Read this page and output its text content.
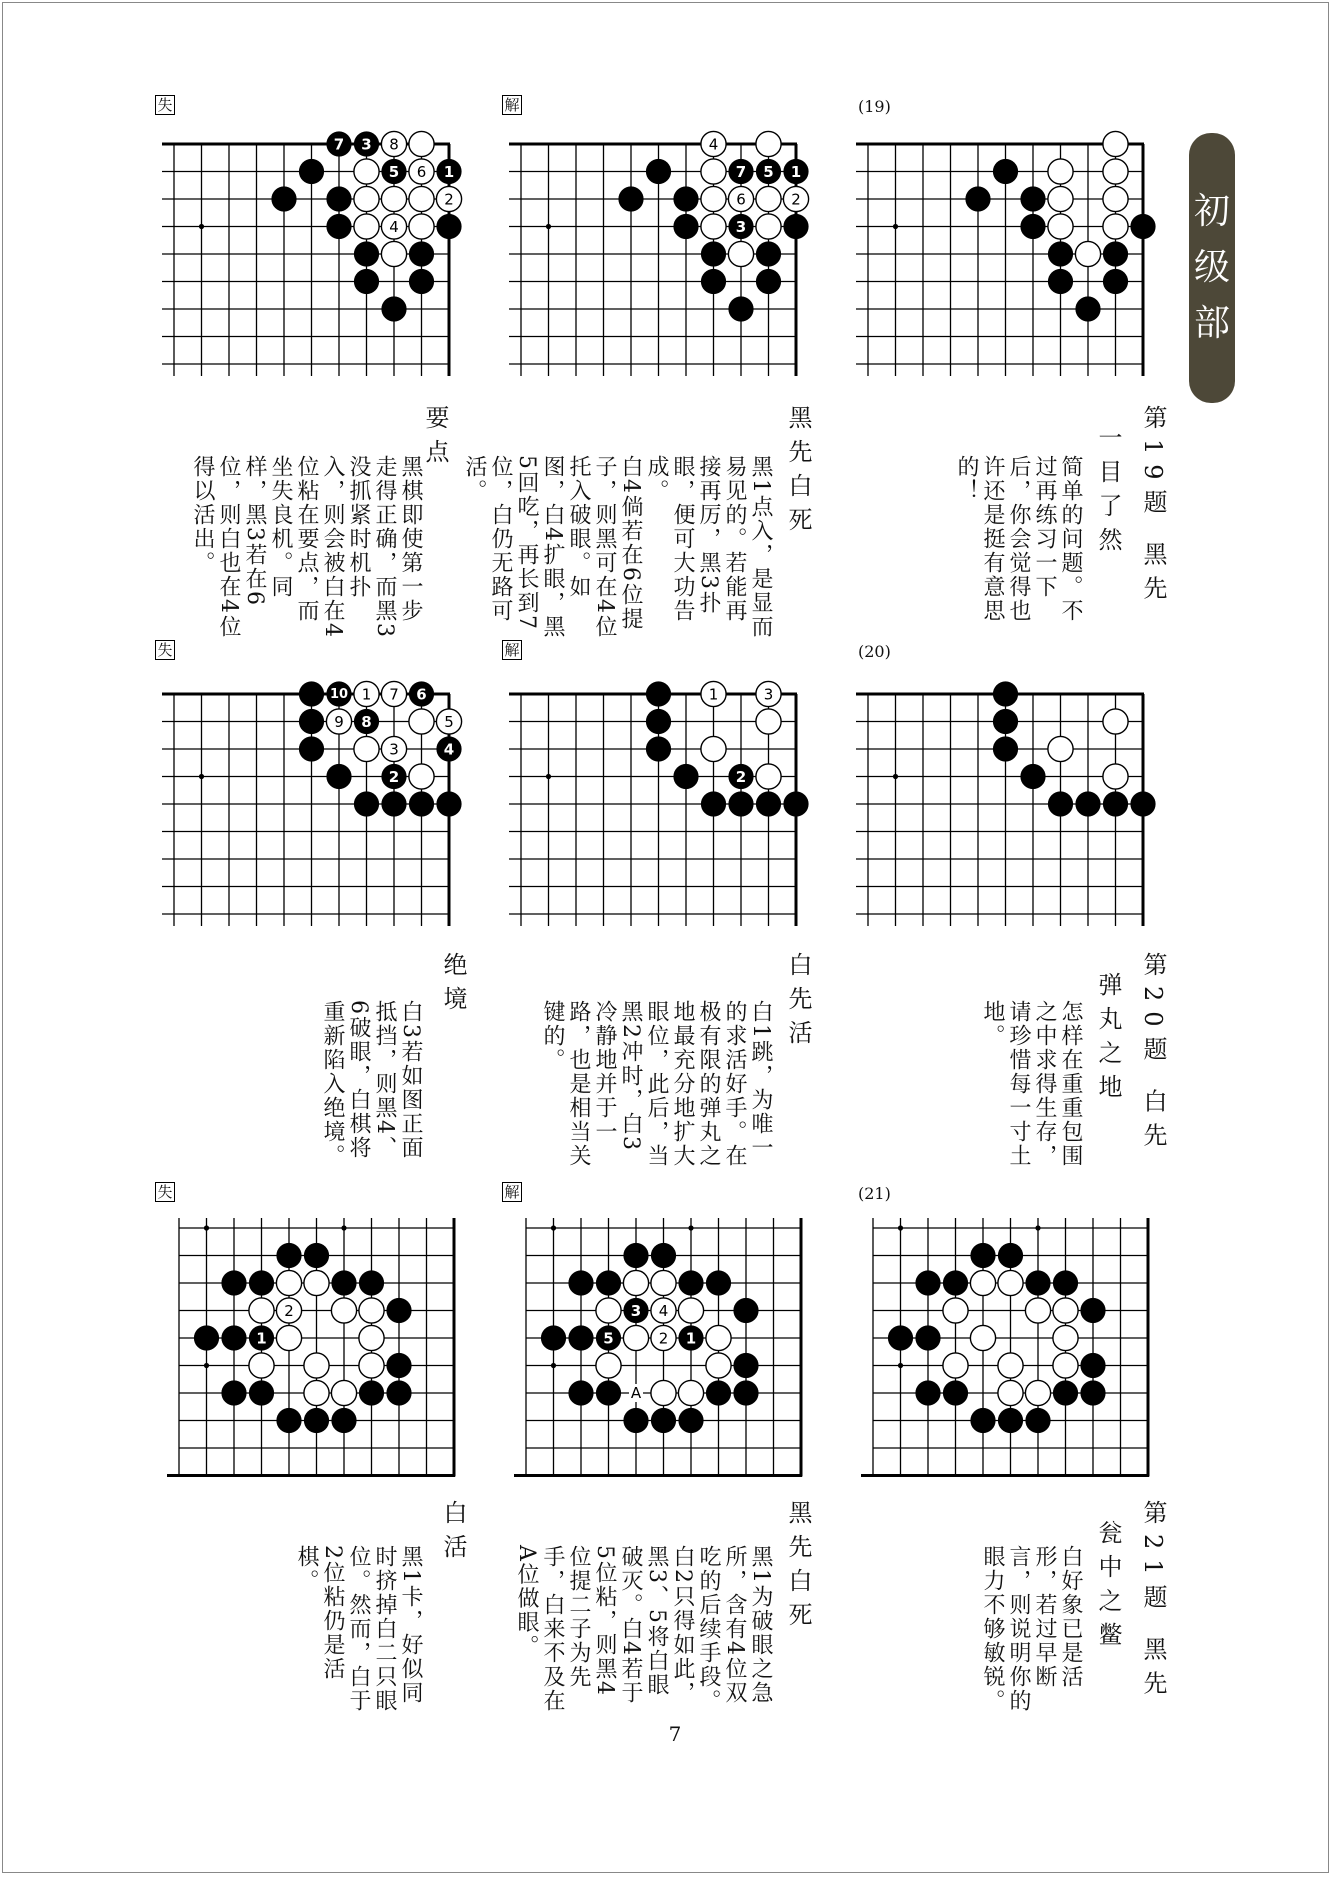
初
级
部
失	解	(19)
7 3 8
5 6 1
2
4
4
7 5 1
6	2
3
要点
黑棋即使第一步走得正确，而黑3没抓紧时机扑入，则会被白在4位粘在要点，而坐失良机。同样，黑3若在6位，则白也在4位得以活出。	黑先白死
黑1点入，是显而易见的。若能再接再厉，黑3扑眼，便可大功告成。
白4倘若在6位提子，则黑可在4位托入破眼。如图，白4扩眼，黑5回吃，再长到7位，白仍无路可活。	第19题 黑先
一目了然
简单的问题。不过再练习一下后，你会觉得也许还是挺有意思的！
失	解	(20)
10 1 7 6
9 8	5
3	4
2
1	3
2
绝境
白3若如图正面抵挡，则黑4、6破眼，白棋将重新陷入绝境。	白先活
白1跳，为唯一的求活好手。在极有限的弹丸之地最充分地扩大眼位，此后，当黑2冲时，白3冷静地并于一路，也是相当关键的。	第20题 白先
弹丸之地
怎样在重重包围之中求得生存，请珍惜每一寸土地。
失	解	(21)
2
1
3 4
5	2 1
A
白活
黑1卡，好似同时挤掉白二只眼位。然而，白于2位粘仍是活棋。	黑先白死
黑1为破眼之急所，含有4位双吃的后续手段。白2只得如此，黑3、5将白眼破灭。白4若于5位粘，则黑4位提二子为先手，白来不及在A位做眼。	第21题 黑先
瓮中之鳖
白好象已是活形，若过早断言，则说明你的眼力不够敏锐。
7
